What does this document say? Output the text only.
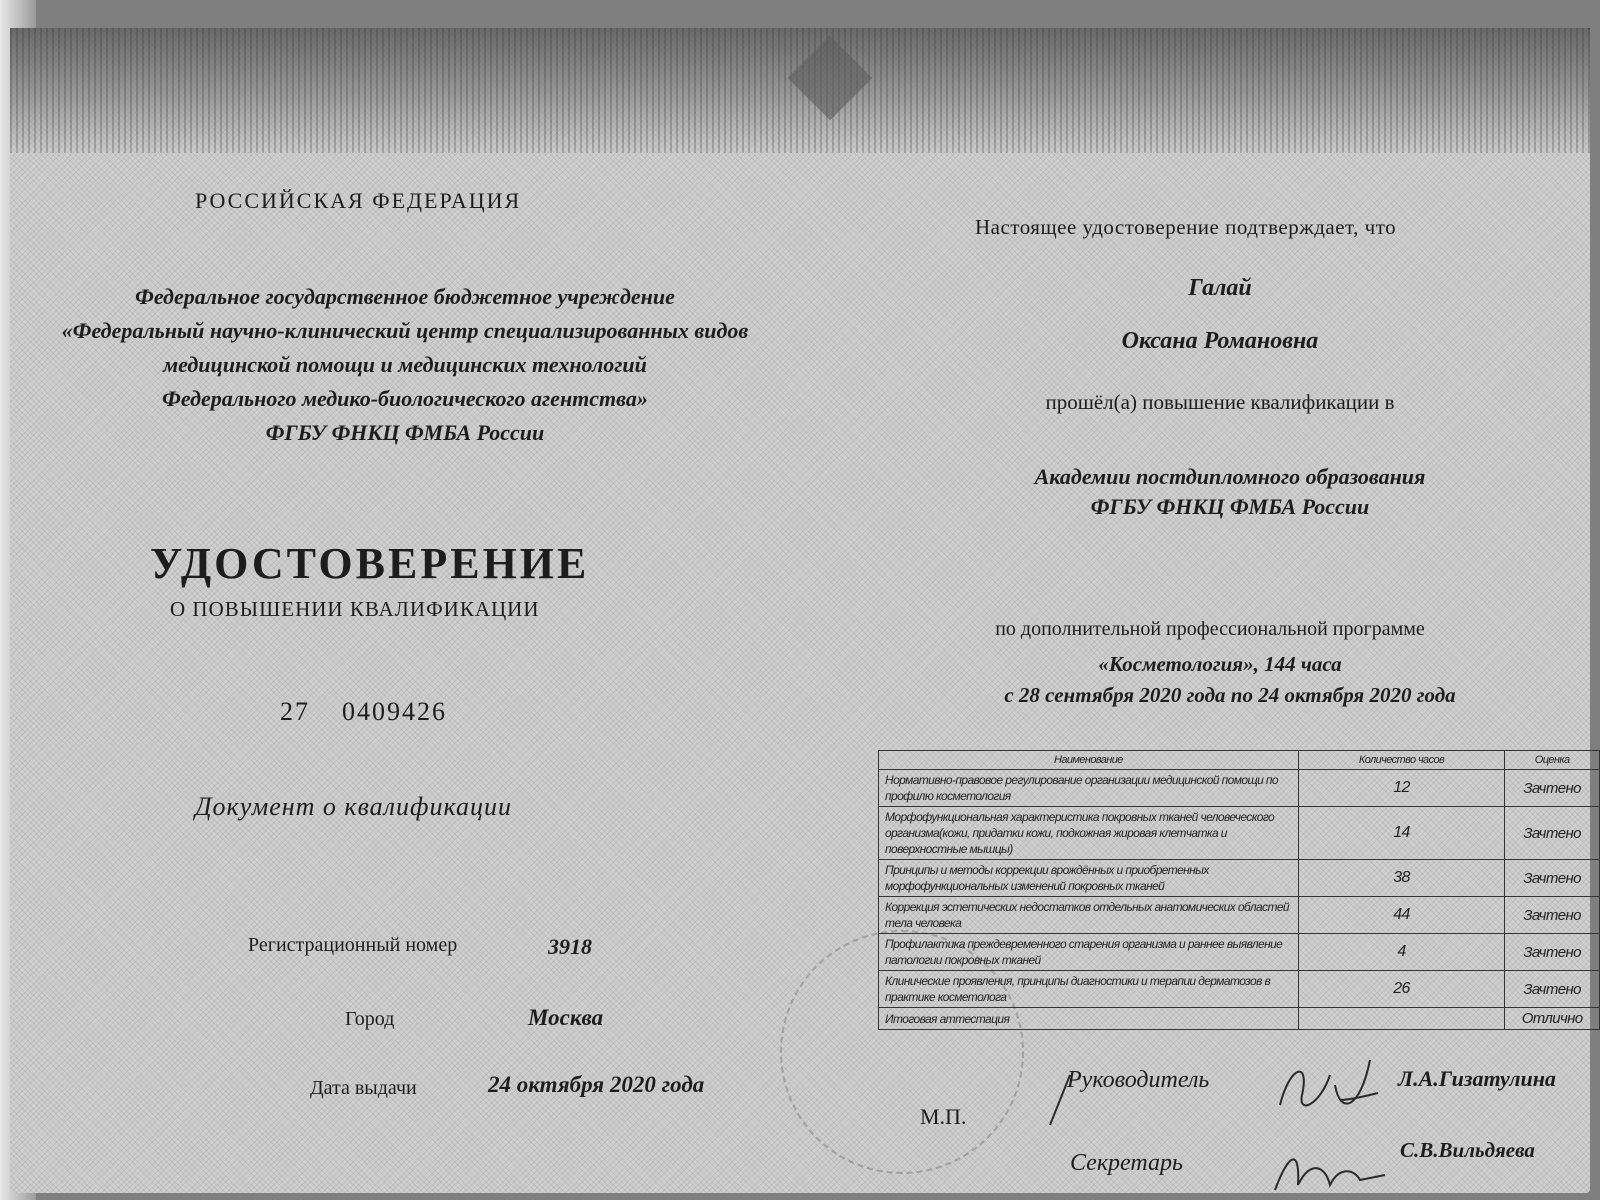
РОССИЙСКАЯ ФЕДЕРАЦИЯ
Федеральное государственное бюджетное учреждение
«Федеральный научно-клинический центр специализированных видов
медицинской помощи и медицинских технологий
Федерального медико-биологического агентства»
ФГБУ ФНКЦ ФМБА России
УДОСТОВЕРЕНИЕ
О ПОВЫШЕНИИ КВАЛИФИКАЦИИ
27 0409426
Документ о квалификации
Регистрационный номер	3918
Город	Москва
Дата выдачи	24 октября 2020 года
Настоящее удостоверение подтверждает, что
Галай
Оксана Романовна
прошёл(а) повышение квалификации в
Академии постдипломного образования
ФГБУ ФНКЦ ФМБА России
по дополнительной профессиональной программе
«Косметология», 144 часа
с 28 сентября 2020 года по 24 октября 2020 года
Наименование	Количество часов	Оценка
Нормативно-правовое регулирование организации медицинской помощи по профилю косметология	12	Зачтено
Морфофункциональная характеристика покровных тканей человеческого организма(кожи, придатки кожи, подкожная жировая клетчатка и поверхностные мышцы)	14	Зачтено
Принципы и методы коррекции врождённых и приобретенных морфофункциональных изменений покровных тканей	38	Зачтено
Коррекция эстетических недостатков отдельных анатомических областей тела человека	44	Зачтено
Профилактика преждевременного старения организма и раннее выявление патологии покровных тканей	4	Зачтено
Клинические проявления, принципы диагностики и терапии дерматозов в практике косметолога	26	Зачтено
Итоговая аттестация		Отлично
М.П.
Руководитель	Л.А.Гизатулина
Секретарь	С.В.Вильдяева
